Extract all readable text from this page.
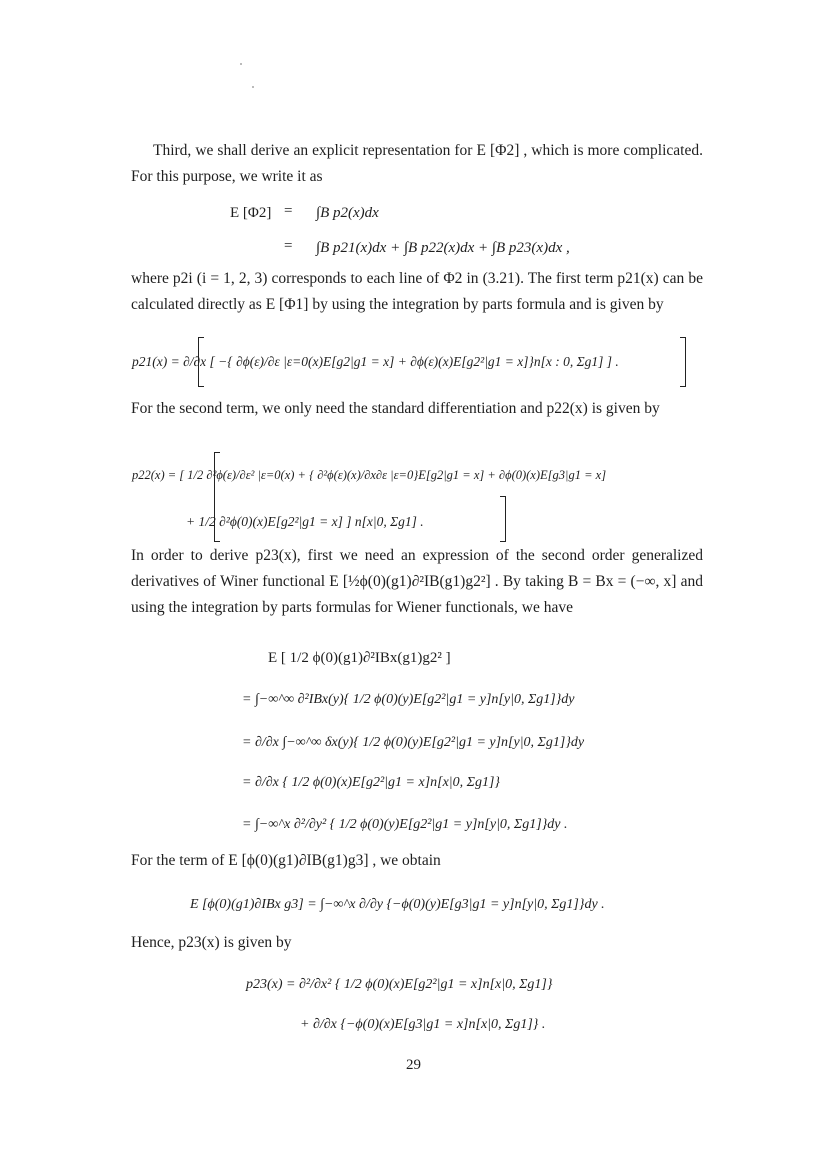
Third, we shall derive an explicit representation for E [Φ2] , which is more complicated. For this purpose, we write it as
E [Φ2] = ∫B p2(x)dx
= ∫B p21(x)dx + ∫B p22(x)dx + ∫B p23(x)dx ,
where p2i (i = 1, 2, 3) corresponds to each line of Φ2 in (3.21). The first term p21(x) can be calculated directly as E [Φ1] by using the integration by parts formula and is given by
p21(x) = ∂/∂x [ −{ ∂ϕ(ε)/∂ε |ε=0(x)E[g2|g1 = x] + ∂ϕ(ε)(x)E[g2²|g1 = x]}n[x : 0, Σg1] ] .
For the second term, we only need the standard differentiation and p22(x) is given by
p22(x) = [ 1/2 ∂²ϕ(ε)/∂ε² |ε=0(x) + { ∂²ϕ(ε)(x)/∂x∂ε |ε=0}E[g2|g1 = x] + ∂ϕ(0)(x)E[g3|g1 = x]
+ 1/2 ∂²ϕ(0)(x)E[g2²|g1 = x] ] n[x|0, Σg1] .
In order to derive p23(x), first we need an expression of the second order generalized derivatives of Winer functional E [½ϕ(0)(g1)∂²IB(g1)g2²] . By taking B = Bx = (−∞, x] and using the integration by parts formulas for Wiener functionals, we have
E [ 1/2 ϕ(0)(g1)∂²IBx(g1)g2² ]
= ∫−∞^∞ ∂²IBx(y){ 1/2 ϕ(0)(y)E[g2²|g1 = y]n[y|0, Σg1]}dy
= ∂/∂x ∫−∞^∞ δx(y){ 1/2 ϕ(0)(y)E[g2²|g1 = y]n[y|0, Σg1]}dy
= ∂/∂x { 1/2 ϕ(0)(x)E[g2²|g1 = x]n[x|0, Σg1]}
= ∫−∞^x ∂²/∂y² { 1/2 ϕ(0)(y)E[g2²|g1 = y]n[y|0, Σg1]}dy .
For the term of E [ϕ(0)(g1)∂IB(g1)g3] , we obtain
E [ϕ(0)(g1)∂IBx g3] = ∫−∞^x ∂/∂y {−ϕ(0)(y)E[g3|g1 = y]n[y|0, Σg1]}dy .
Hence, p23(x) is given by
p23(x) = ∂²/∂x² { 1/2 ϕ(0)(x)E[g2²|g1 = x]n[x|0, Σg1]}
+ ∂/∂x {−ϕ(0)(x)E[g3|g1 = x]n[x|0, Σg1]} .
29
